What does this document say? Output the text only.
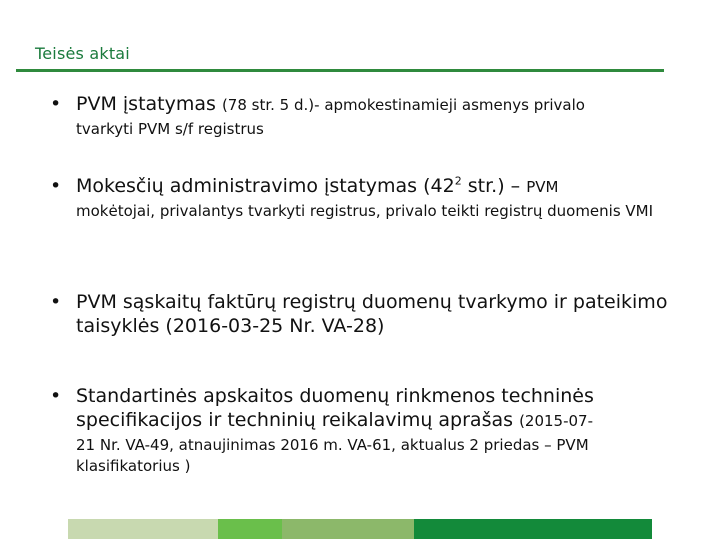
Teisės aktai
• PVM įstatymas (78 str. 5 d.)- apmokestinamieji asmenys privalo
tvarkyti PVM s/f registrus
• Mokesčių administravimo įstatymas ($42^2$ str.) – PVM
mokėtojai, privalantys tvarkyti registrus, privalo teikti registrų duomenis VMI
• PVM sąskaitų faktūrų registrų duomenų tvarkymo ir pateikimo taisyklės (2016-03-25 Nr. VA-28)
• Standartinės apskaitos duomenų rinkmenos techninės specifikacijos ir techninių reikalavimų aprašas (2015-07-
21 Nr. VA-49, atnaujinimas 2016 m. VA-61, aktualus 2 priedas – PVM klasifikatorius )
